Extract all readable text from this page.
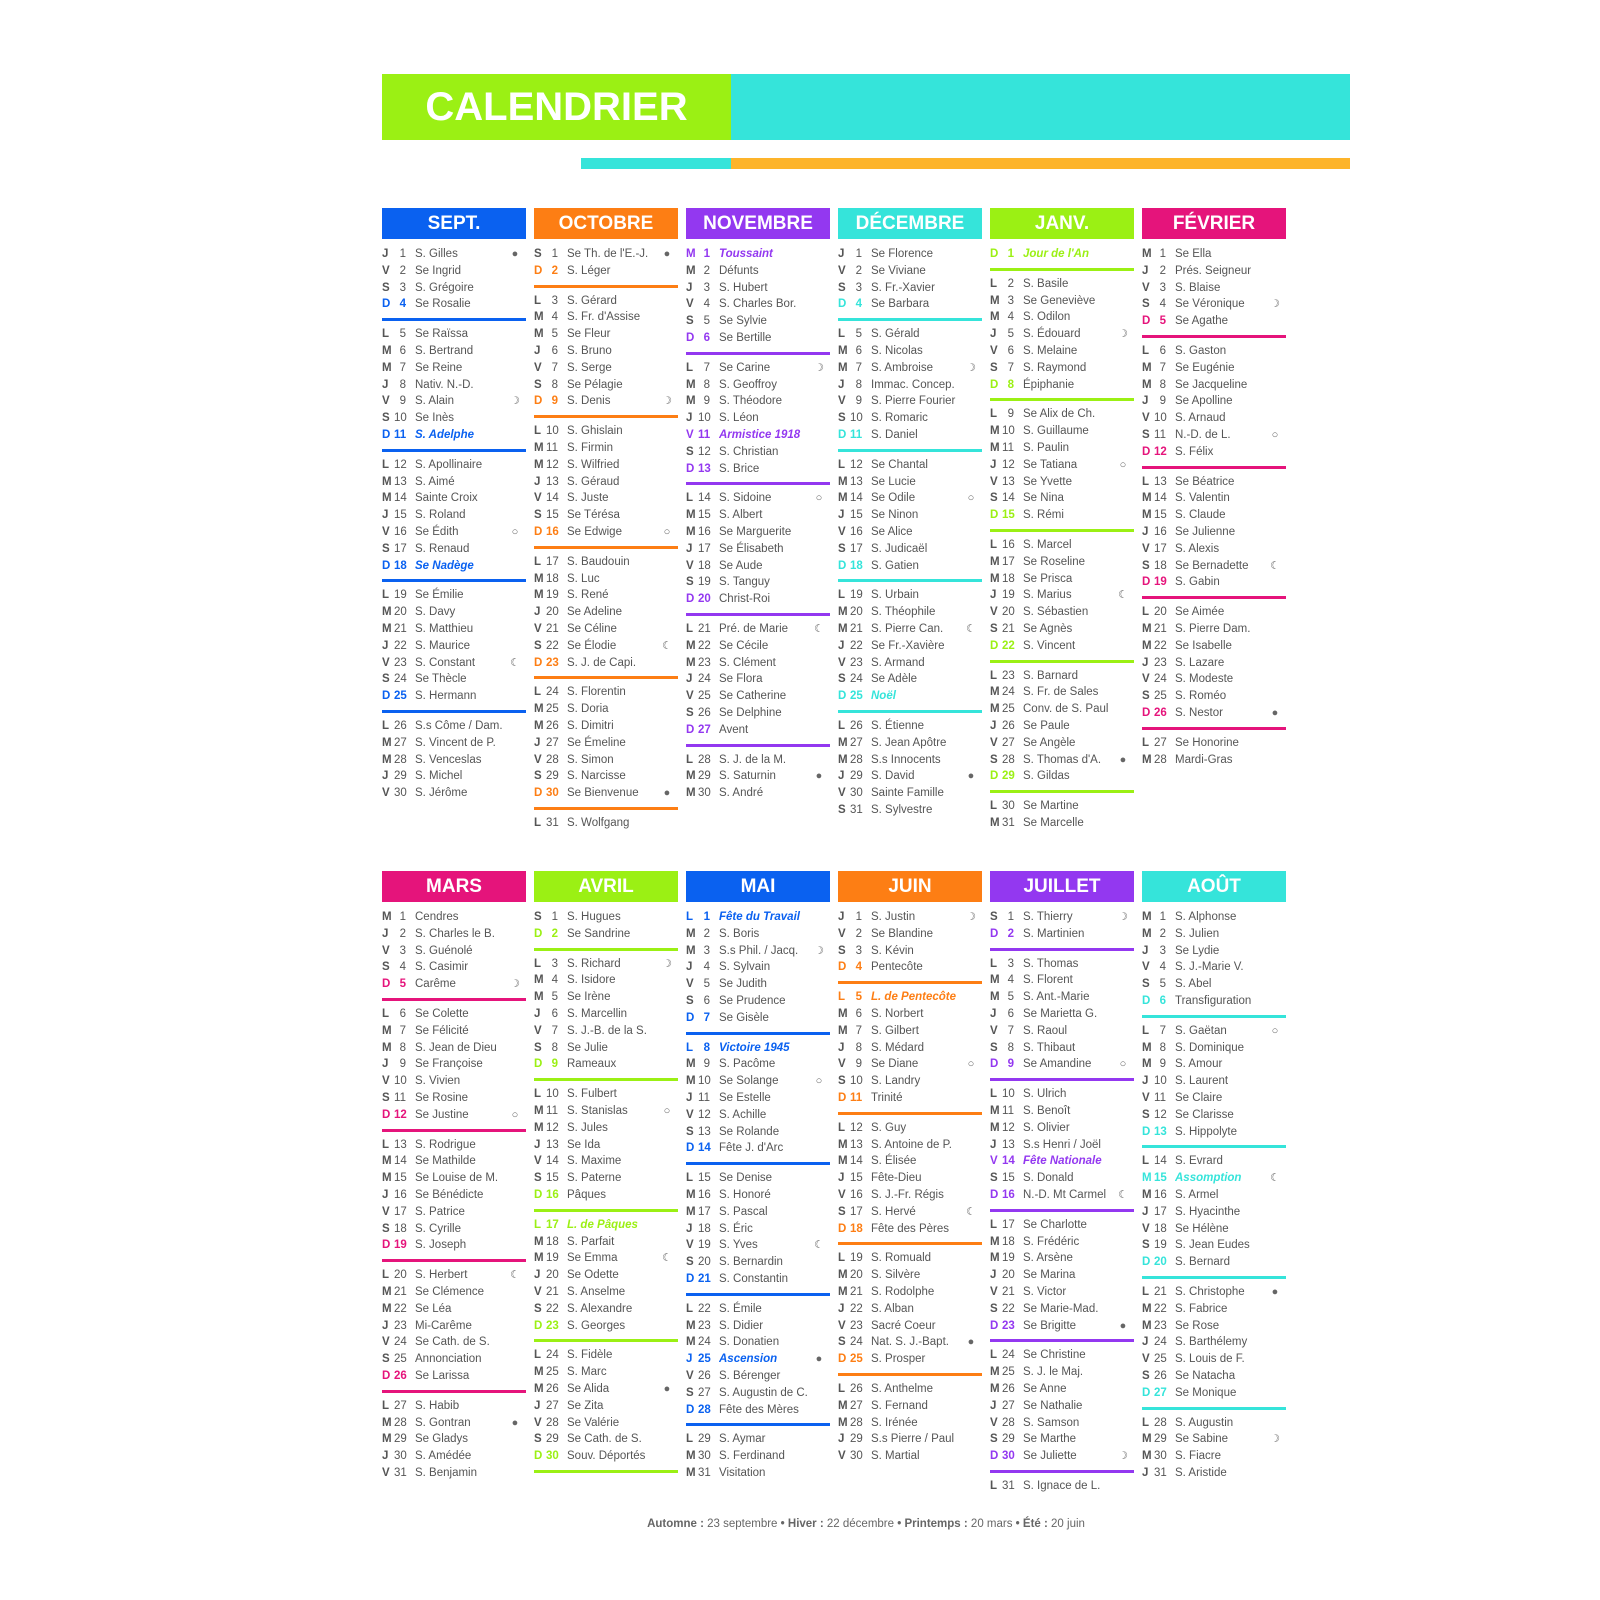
CALENDRIER
SEPT.
J 1 S. Gilles	●
V 2 Se Ingrid
S 3 S. Grégoire
D 4 Se Rosalie
L 5 Se Raïssa
M 6 S. Bertrand
M 7 Se Reine
J 8 Nativ. N.-D.
V 9 S. Alain	☽
S 10 Se Inès
D 11 S. Adelphe
L 12 S. Apollinaire
M 13 S. Aimé
M 14 Sainte Croix
J 15 S. Roland
V 16 Se Édith	○
S 17 S. Renaud
D 18 Se Nadège
L 19 Se Émilie
M 20 S. Davy
M 21 S. Matthieu
J 22 S. Maurice
V 23 S. Constant	☾
S 24 Se Thècle
D 25 S. Hermann
L 26 S.s Côme / Dam.
M 27 S. Vincent de P.
M 28 S. Venceslas
J 29 S. Michel
V 30 S. Jérôme
OCTOBRE
S 1 Se Th. de l'E.-J.	●
D 2 S. Léger
L 3 S. Gérard
M 4 S. Fr. d'Assise
M 5 Se Fleur
J 6 S. Bruno
V 7 S. Serge
S 8 Se Pélagie
D 9 S. Denis	☽
L 10 S. Ghislain
M 11 S. Firmin
M 12 S. Wilfried
J 13 S. Géraud
V 14 S. Juste
S 15 Se Térésa
D 16 Se Edwige	○
L 17 S. Baudouin
M 18 S. Luc
M 19 S. René
J 20 Se Adeline
V 21 Se Céline
S 22 Se Élodie	☾
D 23 S. J. de Capi.
L 24 S. Florentin
M 25 S. Doria
M 26 S. Dimitri
J 27 Se Émeline
V 28 S. Simon
S 29 S. Narcisse
D 30 Se Bienvenue	●
L 31 S. Wolfgang
NOVEMBRE
M 1 Toussaint
M 2 Défunts
J 3 S. Hubert
V 4 S. Charles Bor.
S 5 Se Sylvie
D 6 Se Bertille
L 7 Se Carine	☽
M 8 S. Geoffroy
M 9 S. Théodore
J 10 S. Léon
V 11 Armistice 1918
S 12 S. Christian
D 13 S. Brice
L 14 S. Sidoine	○
M 15 S. Albert
M 16 Se Marguerite
J 17 Se Élisabeth
V 18 Se Aude
S 19 S. Tanguy
D 20 Christ-Roi
L 21 Pré. de Marie	☾
M 22 Se Cécile
M 23 S. Clément
J 24 Se Flora
V 25 Se Catherine
S 26 Se Delphine
D 27 Avent
L 28 S. J. de la M.
M 29 S. Saturnin	●
M 30 S. André
DÉCEMBRE
J 1 Se Florence
V 2 Se Viviane
S 3 S. Fr.-Xavier
D 4 Se Barbara
L 5 S. Gérald
M 6 S. Nicolas
M 7 S. Ambroise	☽
J 8 Immac. Concep.
V 9 S. Pierre Fourier
S 10 S. Romaric
D 11 S. Daniel
L 12 Se Chantal
M 13 Se Lucie
M 14 Se Odile	○
J 15 Se Ninon
V 16 Se Alice
S 17 S. Judicaël
D 18 S. Gatien
L 19 S. Urbain
M 20 S. Théophile
M 21 S. Pierre Can.	☾
J 22 Se Fr.-Xavière
V 23 S. Armand
S 24 Se Adèle
D 25 Noël
L 26 S. Étienne
M 27 S. Jean Apôtre
M 28 S.s Innocents
J 29 S. David	●
V 30 Sainte Famille
S 31 S. Sylvestre
JANV.
D 1 Jour de l'An
L 2 S. Basile
M 3 Se Geneviève
M 4 S. Odilon
J 5 S. Édouard	☽
V 6 S. Melaine
S 7 S. Raymond
D 8 Épiphanie
L 9 Se Alix de Ch.
M 10 S. Guillaume
M 11 S. Paulin
J 12 Se Tatiana	○
V 13 Se Yvette
S 14 Se Nina
D 15 S. Rémi
L 16 S. Marcel
M 17 Se Roseline
M 18 Se Prisca
J 19 S. Marius	☾
V 20 S. Sébastien
S 21 Se Agnès
D 22 S. Vincent
L 23 S. Barnard
M 24 S. Fr. de Sales
M 25 Conv. de S. Paul
J 26 Se Paule
V 27 Se Angèle
S 28 S. Thomas d'A.	●
D 29 S. Gildas
L 30 Se Martine
M 31 Se Marcelle
FÉVRIER
M 1 Se Ella
J 2 Prés. Seigneur
V 3 S. Blaise
S 4 Se Véronique	☽
D 5 Se Agathe
L 6 S. Gaston
M 7 Se Eugénie
M 8 Se Jacqueline
J 9 Se Apolline
V 10 S. Arnaud
S 11 N.-D. de L.	○
D 12 S. Félix
L 13 Se Béatrice
M 14 S. Valentin
M 15 S. Claude
J 16 Se Julienne
V 17 S. Alexis
S 18 Se Bernadette	☾
D 19 S. Gabin
L 20 Se Aimée
M 21 S. Pierre Dam.
M 22 Se Isabelle
J 23 S. Lazare
V 24 S. Modeste
S 25 S. Roméo
D 26 S. Nestor	●
L 27 Se Honorine
M 28 Mardi-Gras
MARS
M 1 Cendres
J 2 S. Charles le B.
V 3 S. Guénolé
S 4 S. Casimir
D 5 Carême	☽
L 6 Se Colette
M 7 Se Félicité
M 8 S. Jean de Dieu
J 9 Se Françoise
V 10 S. Vivien
S 11 Se Rosine
D 12 Se Justine	○
L 13 S. Rodrigue
M 14 Se Mathilde
M 15 Se Louise de M.
J 16 Se Bénédicte
V 17 S. Patrice
S 18 S. Cyrille
D 19 S. Joseph
L 20 S. Herbert	☾
M 21 Se Clémence
M 22 Se Léa
J 23 Mi-Carême
V 24 Se Cath. de S.
S 25 Annonciation
D 26 Se Larissa
L 27 S. Habib
M 28 S. Gontran	●
M 29 Se Gladys
J 30 S. Amédée
V 31 S. Benjamin
AVRIL
S 1 S. Hugues
D 2 Se Sandrine
L 3 S. Richard	☽
M 4 S. Isidore
M 5 Se Irène
J 6 S. Marcellin
V 7 S. J.-B. de la S.
S 8 Se Julie
D 9 Rameaux
L 10 S. Fulbert
M 11 S. Stanislas	○
M 12 S. Jules
J 13 Se Ida
V 14 S. Maxime
S 15 S. Paterne
D 16 Pâques
L 17 L. de Pâques
M 18 S. Parfait
M 19 Se Emma	☾
J 20 Se Odette
V 21 S. Anselme
S 22 S. Alexandre
D 23 S. Georges
L 24 S. Fidèle
M 25 S. Marc
M 26 Se Alida	●
J 27 Se Zita
V 28 Se Valérie
S 29 Se Cath. de S.
D 30 Souv. Déportés
MAI
L 1 Fête du Travail
M 2 S. Boris
M 3 S.s Phil. / Jacq.	☽
J 4 S. Sylvain
V 5 Se Judith
S 6 Se Prudence
D 7 Se Gisèle
L 8 Victoire 1945
M 9 S. Pacôme
M 10 Se Solange	○
J 11 Se Estelle
V 12 S. Achille
S 13 Se Rolande
D 14 Fête J. d'Arc
L 15 Se Denise
M 16 S. Honoré
M 17 S. Pascal
J 18 S. Éric
V 19 S. Yves	☾
S 20 S. Bernardin
D 21 S. Constantin
L 22 S. Émile
M 23 S. Didier
M 24 S. Donatien
J 25 Ascension	●
V 26 S. Bérenger
S 27 S. Augustin de C.
D 28 Fête des Mères
L 29 S. Aymar
M 30 S. Ferdinand
M 31 Visitation
JUIN
J 1 S. Justin	☽
V 2 Se Blandine
S 3 S. Kévin
D 4 Pentecôte
L 5 L. de Pentecôte
M 6 S. Norbert
M 7 S. Gilbert
J 8 S. Médard
V 9 Se Diane	○
S 10 S. Landry
D 11 Trinité
L 12 S. Guy
M 13 S. Antoine de P.
M 14 S. Élisée
J 15 Fête-Dieu
V 16 S. J.-Fr. Régis
S 17 S. Hervé	☾
D 18 Fête des Pères
L 19 S. Romuald
M 20 S. Silvère
M 21 S. Rodolphe
J 22 S. Alban
V 23 Sacré Coeur
S 24 Nat. S. J.-Bapt.	●
D 25 S. Prosper
L 26 S. Anthelme
M 27 S. Fernand
M 28 S. Irénée
J 29 S.s Pierre / Paul
V 30 S. Martial
JUILLET
S 1 S. Thierry	☽
D 2 S. Martinien
L 3 S. Thomas
M 4 S. Florent
M 5 S. Ant.-Marie
J 6 Se Marietta G.
V 7 S. Raoul
S 8 S. Thibaut
D 9 Se Amandine	○
L 10 S. Ulrich
M 11 S. Benoît
M 12 S. Olivier
J 13 S.s Henri / Joël
V 14 Fête Nationale
S 15 S. Donald
D 16 N.-D. Mt Carmel	☾
L 17 Se Charlotte
M 18 S. Frédéric
M 19 S. Arsène
J 20 Se Marina
V 21 S. Victor
S 22 Se Marie-Mad.
D 23 Se Brigitte	●
L 24 Se Christine
M 25 S. J. le Maj.
M 26 Se Anne
J 27 Se Nathalie
V 28 S. Samson
S 29 Se Marthe
D 30 Se Juliette	☽
L 31 S. Ignace de L.
AOÛT
M 1 S. Alphonse
M 2 S. Julien
J 3 Se Lydie
V 4 S. J.-Marie V.
S 5 S. Abel
D 6 Transfiguration
L 7 S. Gaëtan	○
M 8 S. Dominique
M 9 S. Amour
J 10 S. Laurent
V 11 Se Claire
S 12 Se Clarisse
D 13 S. Hippolyte
L 14 S. Evrard
M 15 Assomption	☾
M 16 S. Armel
J 17 S. Hyacinthe
V 18 Se Hélène
S 19 S. Jean Eudes
D 20 S. Bernard
L 21 S. Christophe	●
M 22 S. Fabrice
M 23 Se Rose
J 24 S. Barthélemy
V 25 S. Louis de F.
S 26 Se Natacha
D 27 Se Monique
L 28 S. Augustin
M 29 Se Sabine	☽
M 30 S. Fiacre
J 31 S. Aristide
Automne : 23 septembre • Hiver : 22 décembre • Printemps : 20 mars • Été : 20 juin
